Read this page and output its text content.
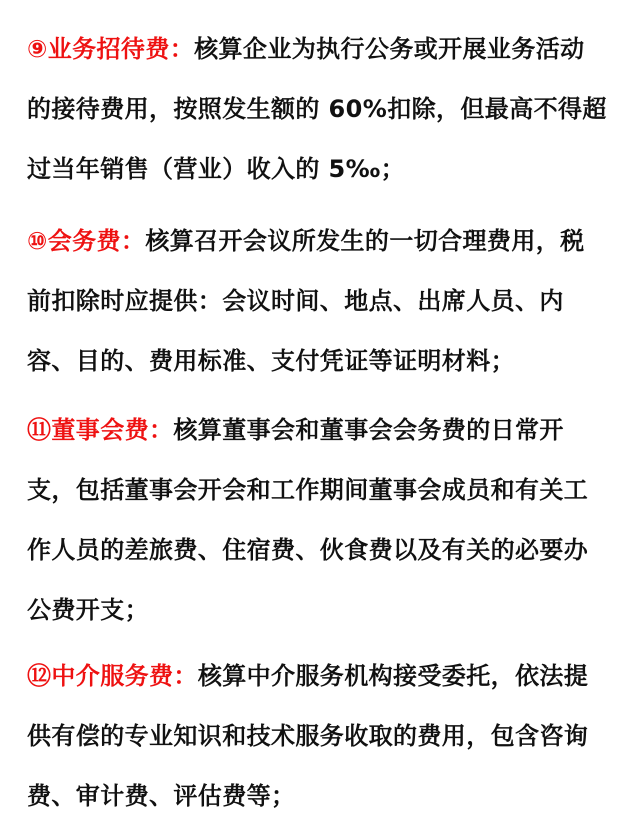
⑨业务招待费：核算企业为执行公务或开展业务活动的接待费用，按照发生额的 60%扣除，但最高不得超过当年销售（营业）收入的 5‰；

⑩会务费：核算召开会议所发生的一切合理费用，税前扣除时应提供：会议时间、地点、出席人员、内容、目的、费用标准、支付凭证等证明材料；

⑪董事会费：核算董事会和董事会会务费的日常开支，包括董事会开会和工作期间董事会成员和有关工作人员的差旅费、住宿费、伙食费以及有关的必要办公费开支；

⑫中介服务费：核算中介服务机构接受委托，依法提供有偿的专业知识和技术服务收取的费用，包含咨询费、审计费、评估费等；
